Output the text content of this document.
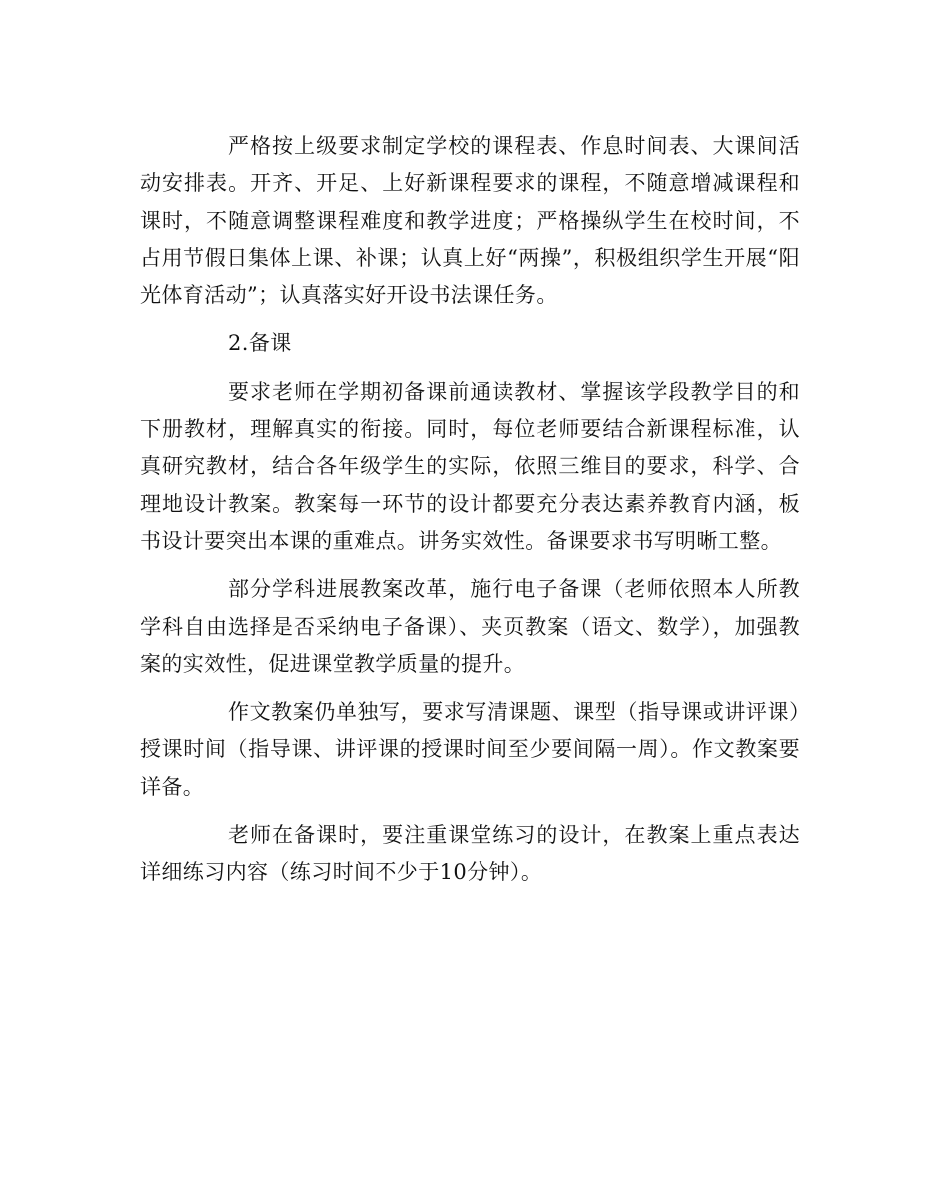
严格按上级要求制定学校的课程表、作息时间表、大课间活动安排表。开齐、开足、上好新课程要求的课程，不随意增减课程和课时，不随意调整课程难度和教学进度；严格操纵学生在校时间，不占用节假日集体上课、补课；认真上好“两操”，积极组织学生开展“阳光体育活动”；认真落实好开设书法课任务。

2.备课

要求老师在学期初备课前通读教材、掌握该学段教学目的和下册教材，理解真实的衔接。同时，每位老师要结合新课程标准，认真研究教材，结合各年级学生的实际，依照三维目的要求，科学、合理地设计教案。教案每一环节的设计都要充分表达素养教育内涵，板书设计要突出本课的重难点。讲务实效性。备课要求书写明晰工整。

部分学科进展教案改革，施行电子备课（老师依照本人所教学科自由选择是否采纳电子备课）、夹页教案（语文、数学），加强教案的实效性，促进课堂教学质量的提升。

作文教案仍单独写，要求写清课题、课型（指导课或讲评课）授课时间（指导课、讲评课的授课时间至少要间隔一周）。作文教案要详备。

老师在备课时，要注重课堂练习的设计，在教案上重点表达详细练习内容（练习时间不少于10分钟）。
